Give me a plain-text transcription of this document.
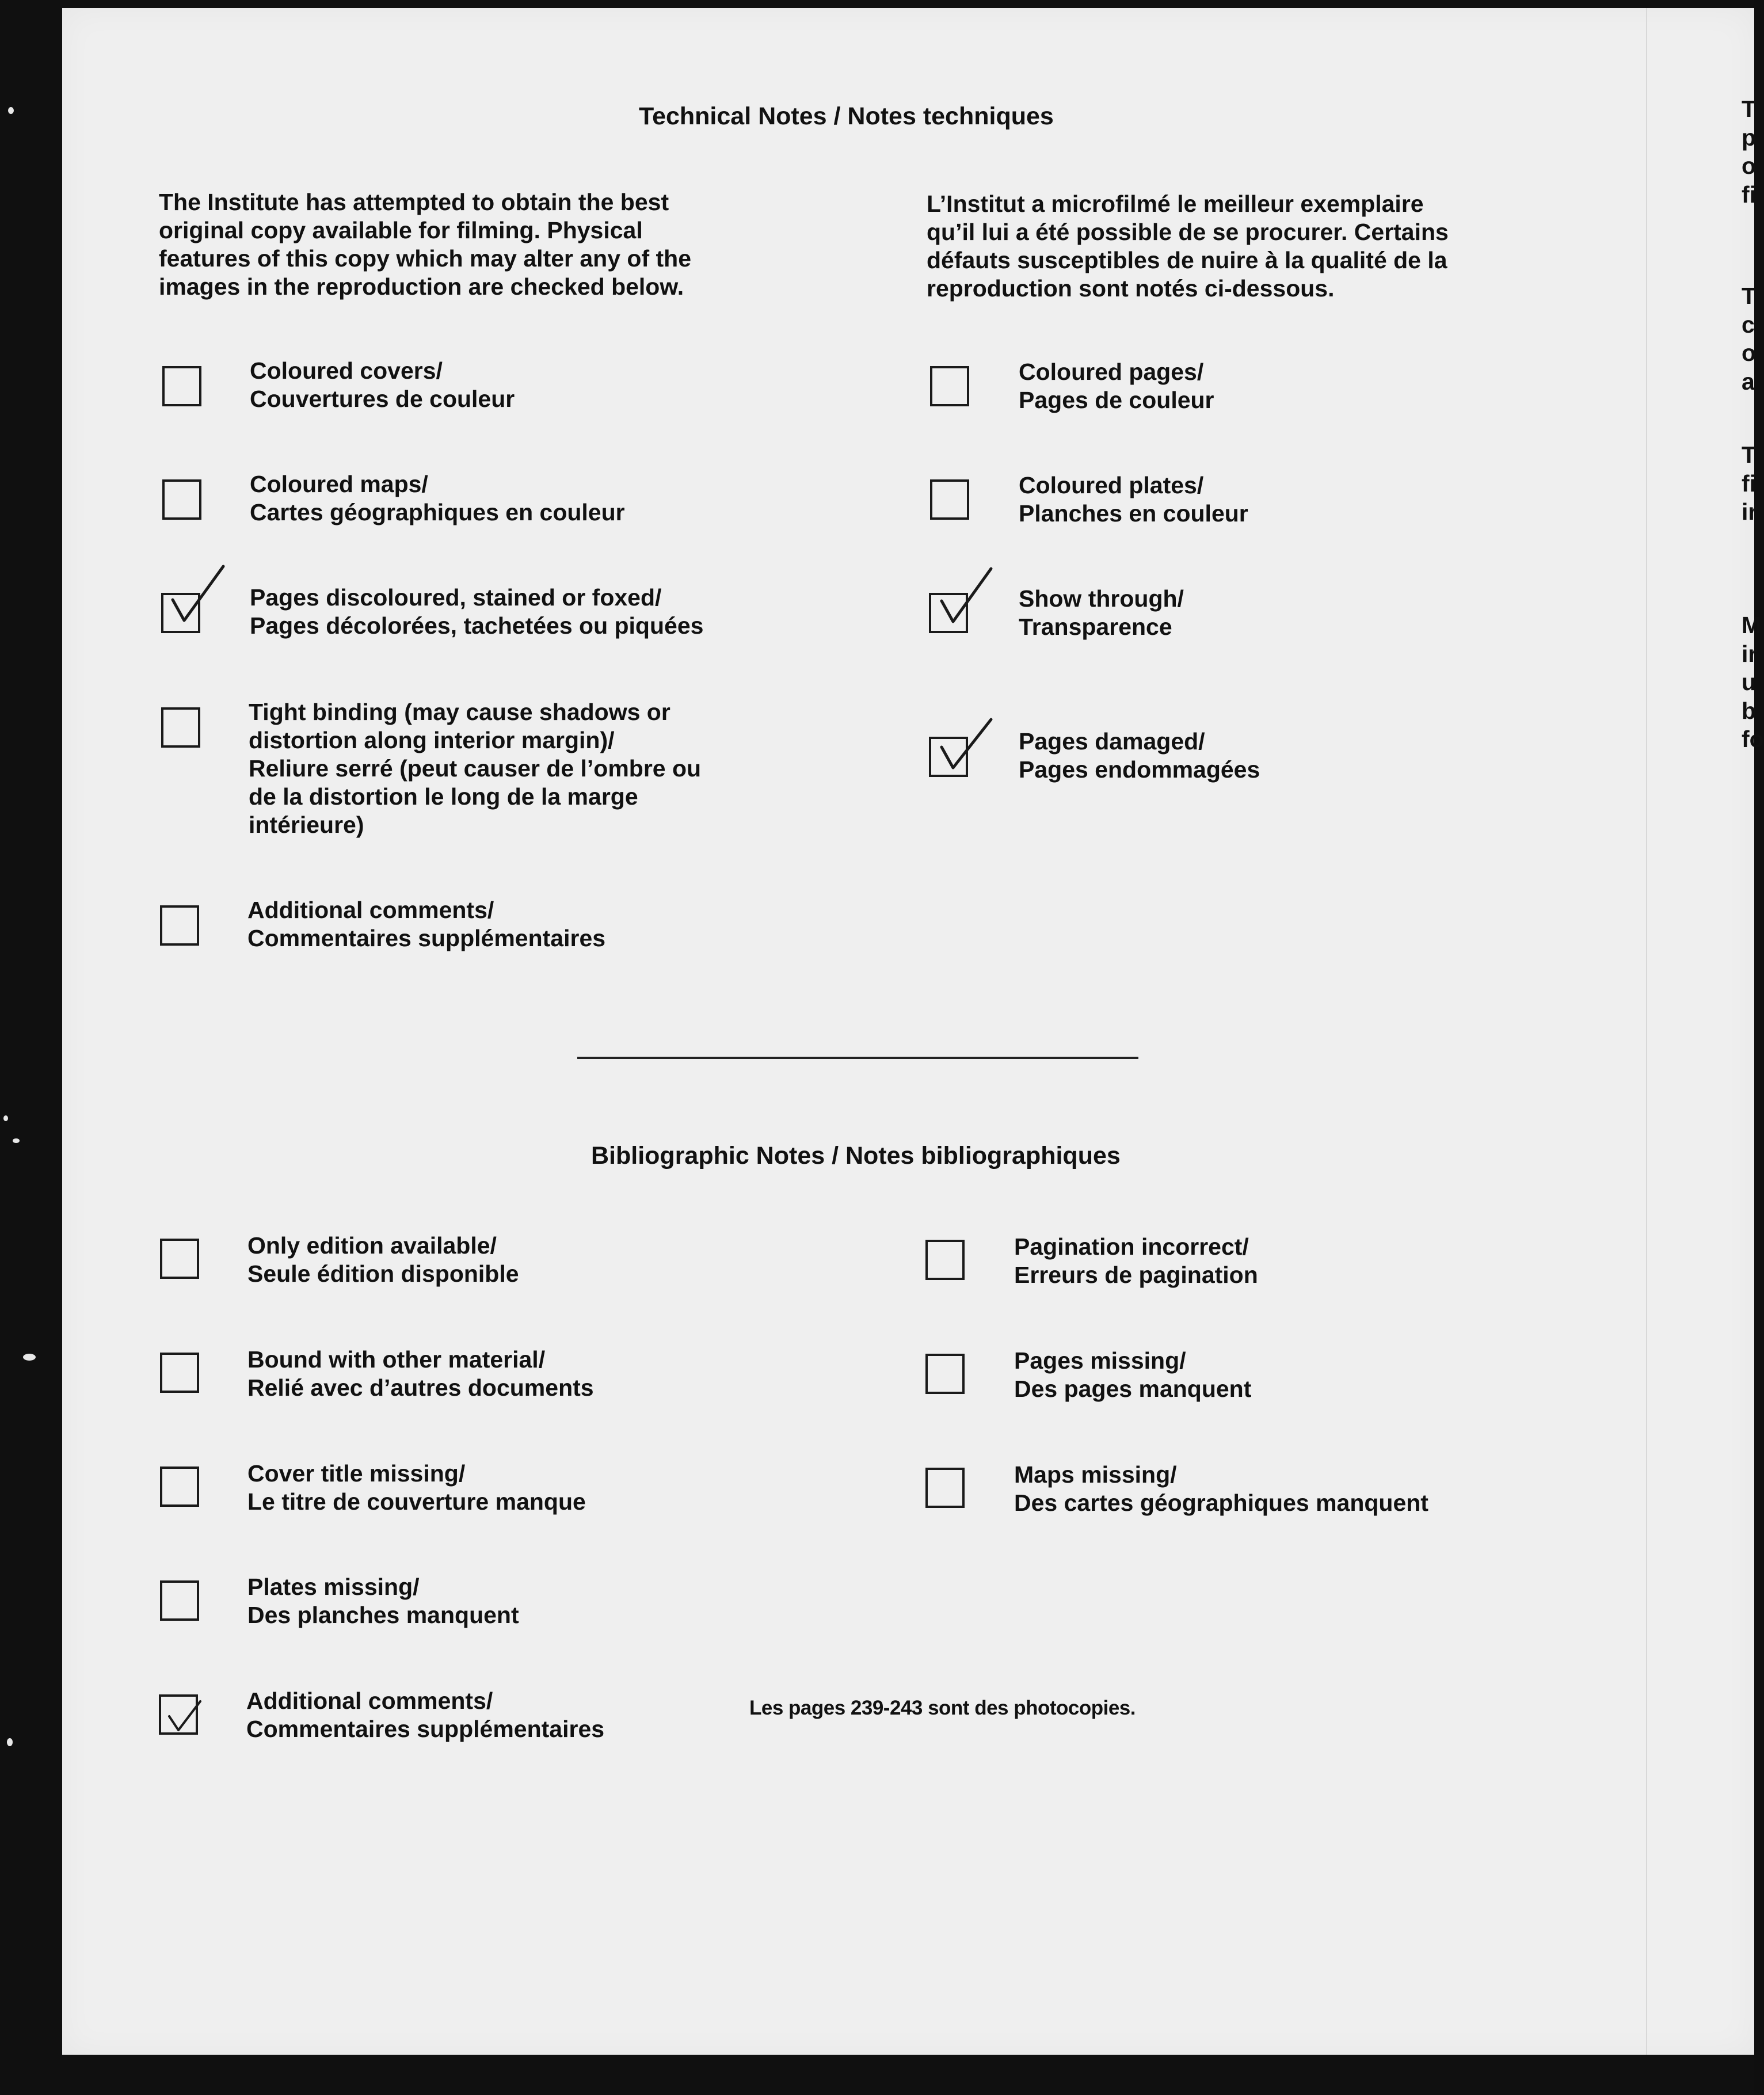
Technical Notes / Notes techniques

The Institute has attempted to obtain the best

original copy available for filming. Physical

features of this copy which may alter any of the

images in the reproduction are checked below.

L’Institut a microfilmé le meilleur exemplaire

qu’il lui a été possible de se procurer. Certains

défauts susceptibles de nuire à la qualité de la

reproduction sont notés ci-dessous.

Coloured covers/

Couvertures de couleur

Coloured maps/

Cartes géographiques en couleur

Pages discoloured, stained or foxed/

Pages décolorées, tachetées ou piquées

Tight binding (may cause shadows or

distortion along interior margin)/

Reliure serré (peut causer de l’ombre ou

de la distortion le long de la marge

intérieure)

Additional comments/

Commentaires supplémentaires

Coloured pages/

Pages de couleur

Coloured plates/

Planches en couleur

Show through/

Transparence

Pages damaged/

Pages endommagées

Bibliographic Notes / Notes bibliographiques

Only edition available/

Seule édition disponible

Bound with other material/

Relié avec d’autres documents

Cover title missing/

Le titre de couverture manque

Plates missing/

Des planches manquent

Additional comments/

Commentaires supplémentaires

Les pages 239-243 sont des photocopies.

Pagination incorrect/

Erreurs de pagination

Pages missing/

Des pages manquent

Maps missing/

Des cartes géographiques manquent

T
p
o
fi
T
c
o
a
T
fi
ir
M
ir
u
b
fo
